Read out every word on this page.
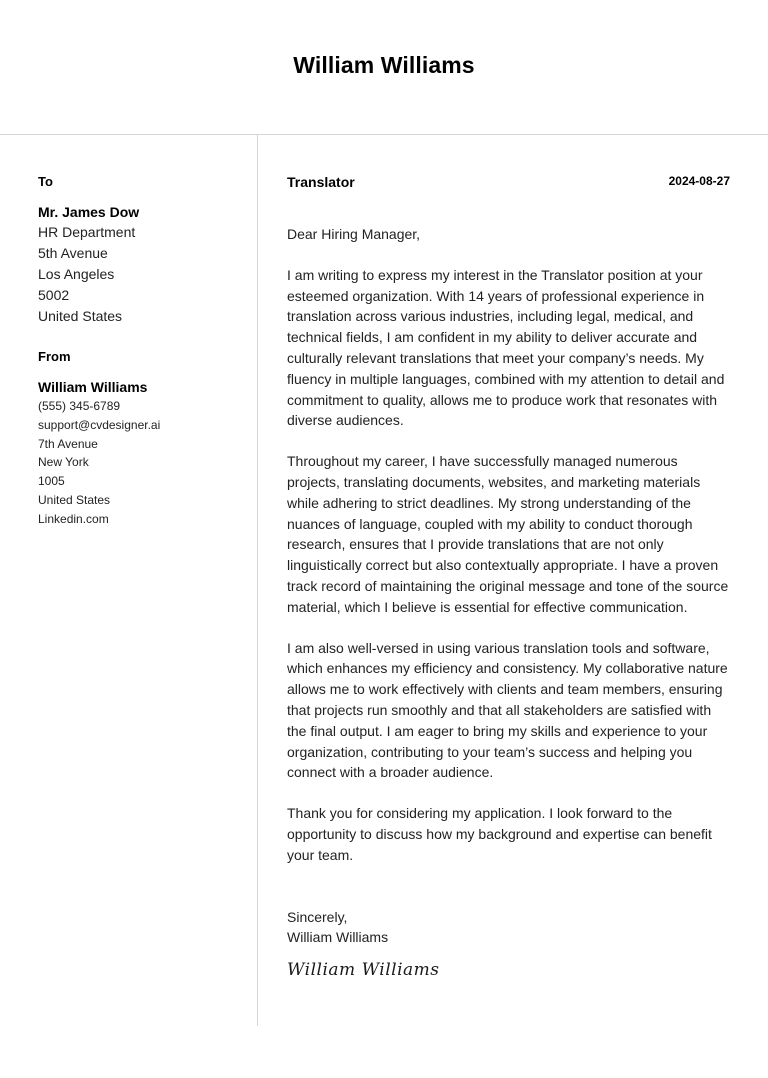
William Williams

To

Mr. James Dow

HR Department

5th Avenue

Los Angeles

5002

United States

From

William Williams

(555) 345-6789

support@cvdesigner.ai

7th Avenue

New York

1005

United States

Linkedin.com

Translator	2024-08-27

Dear Hiring Manager,

I am writing to express my interest in the Translator position at your esteemed organization. With 14 years of professional experience in translation across various industries, including legal, medical, and technical fields, I am confident in my ability to deliver accurate and culturally relevant translations that meet your company’s needs. My fluency in multiple languages, combined with my attention to detail and commitment to quality, allows me to produce work that resonates with diverse audiences.

Throughout my career, I have successfully managed numerous projects, translating documents, websites, and marketing materials while adhering to strict deadlines. My strong understanding of the nuances of language, coupled with my ability to conduct thorough research, ensures that I provide translations that are not only linguistically correct but also contextually appropriate. I have a proven track record of maintaining the original message and tone of the source material, which I believe is essential for effective communication.

I am also well-versed in using various translation tools and software, which enhances my efficiency and consistency. My collaborative nature allows me to work effectively with clients and team members, ensuring that projects run smoothly and that all stakeholders are satisfied with the final output. I am eager to bring my skills and experience to your organization, contributing to your team’s success and helping you connect with a broader audience.

Thank you for considering my application. I look forward to the opportunity to discuss how my background and expertise can benefit your team.

Sincerely,

William Williams

William Williams
